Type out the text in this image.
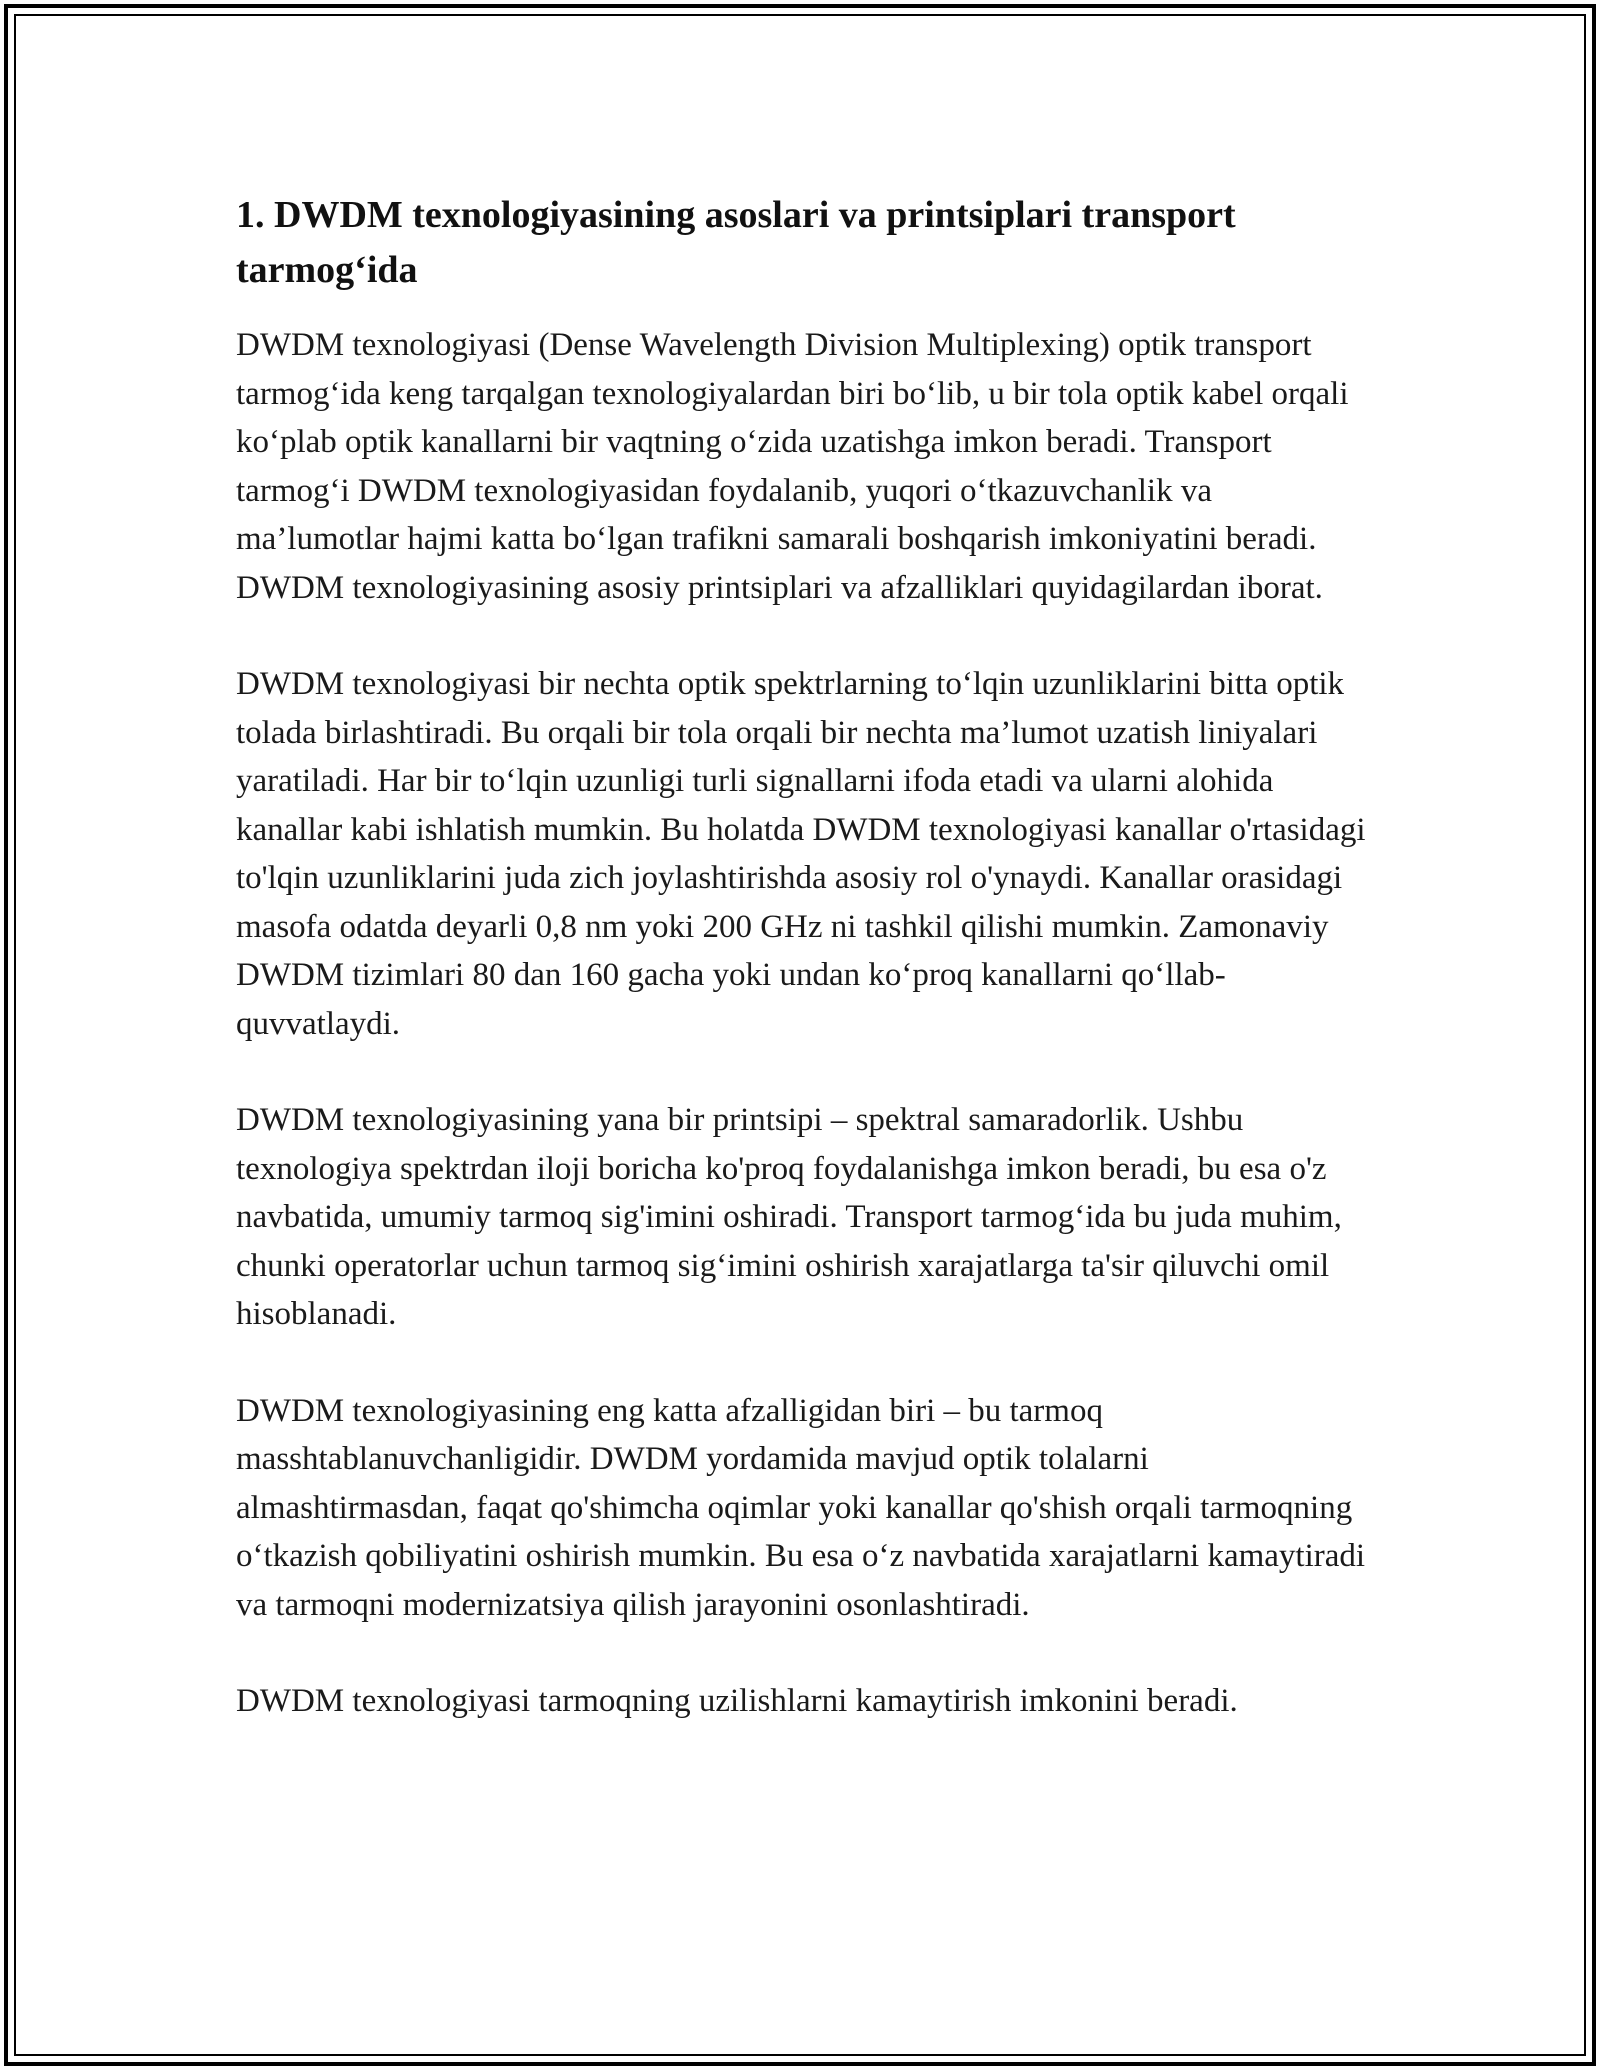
1. DWDM texnologiyasining asoslari va printsiplari transport tarmog‘ida

DWDM texnologiyasi (Dense Wavelength Division Multiplexing) optik transport tarmog‘ida keng tarqalgan texnologiyalardan biri bo‘lib, u bir tola optik kabel orqali ko‘plab optik kanallarni bir vaqtning o‘zida uzatishga imkon beradi. Transport tarmog‘i DWDM texnologiyasidan foydalanib, yuqori o‘tkazuvchanlik va ma’lumotlar hajmi katta bo‘lgan trafikni samarali boshqarish imkoniyatini beradi. DWDM texnologiyasining asosiy printsiplari va afzalliklari quyidagilardan iborat.

DWDM texnologiyasi bir nechta optik spektrlarning to‘lqin uzunliklarini bitta optik tolada birlashtiradi. Bu orqali bir tola orqali bir nechta ma’lumot uzatish liniyalari yaratiladi. Har bir to‘lqin uzunligi turli signallarni ifoda etadi va ularni alohida kanallar kabi ishlatish mumkin. Bu holatda DWDM texnologiyasi kanallar o'rtasidagi to'lqin uzunliklarini juda zich joylashtirishda asosiy rol o'ynaydi. Kanallar orasidagi masofa odatda deyarli 0,8 nm yoki 200 GHz ni tashkil qilishi mumkin. Zamonaviy DWDM tizimlari 80 dan 160 gacha yoki undan ko‘proq kanallarni qo‘llab-quvvatlaydi.

DWDM texnologiyasining yana bir printsipi – spektral samaradorlik. Ushbu texnologiya spektrdan iloji boricha ko'proq foydalanishga imkon beradi, bu esa o'z navbatida, umumiy tarmoq sig'imini oshiradi. Transport tarmog‘ida bu juda muhim, chunki operatorlar uchun tarmoq sig‘imini oshirish xarajatlarga ta'sir qiluvchi omil hisoblanadi.

DWDM texnologiyasining eng katta afzalligidan biri – bu tarmoq masshtablanuvchanligidir. DWDM yordamida mavjud optik tolalarni almashtirmasdan, faqat qo'shimcha oqimlar yoki kanallar qo'shish orqali tarmoqning o‘tkazish qobiliyatini oshirish mumkin. Bu esa o‘z navbatida xarajatlarni kamaytiradi va tarmoqni modernizatsiya qilish jarayonini osonlashtiradi.

DWDM texnologiyasi tarmoqning uzilishlarni kamaytirish imkonini beradi.
